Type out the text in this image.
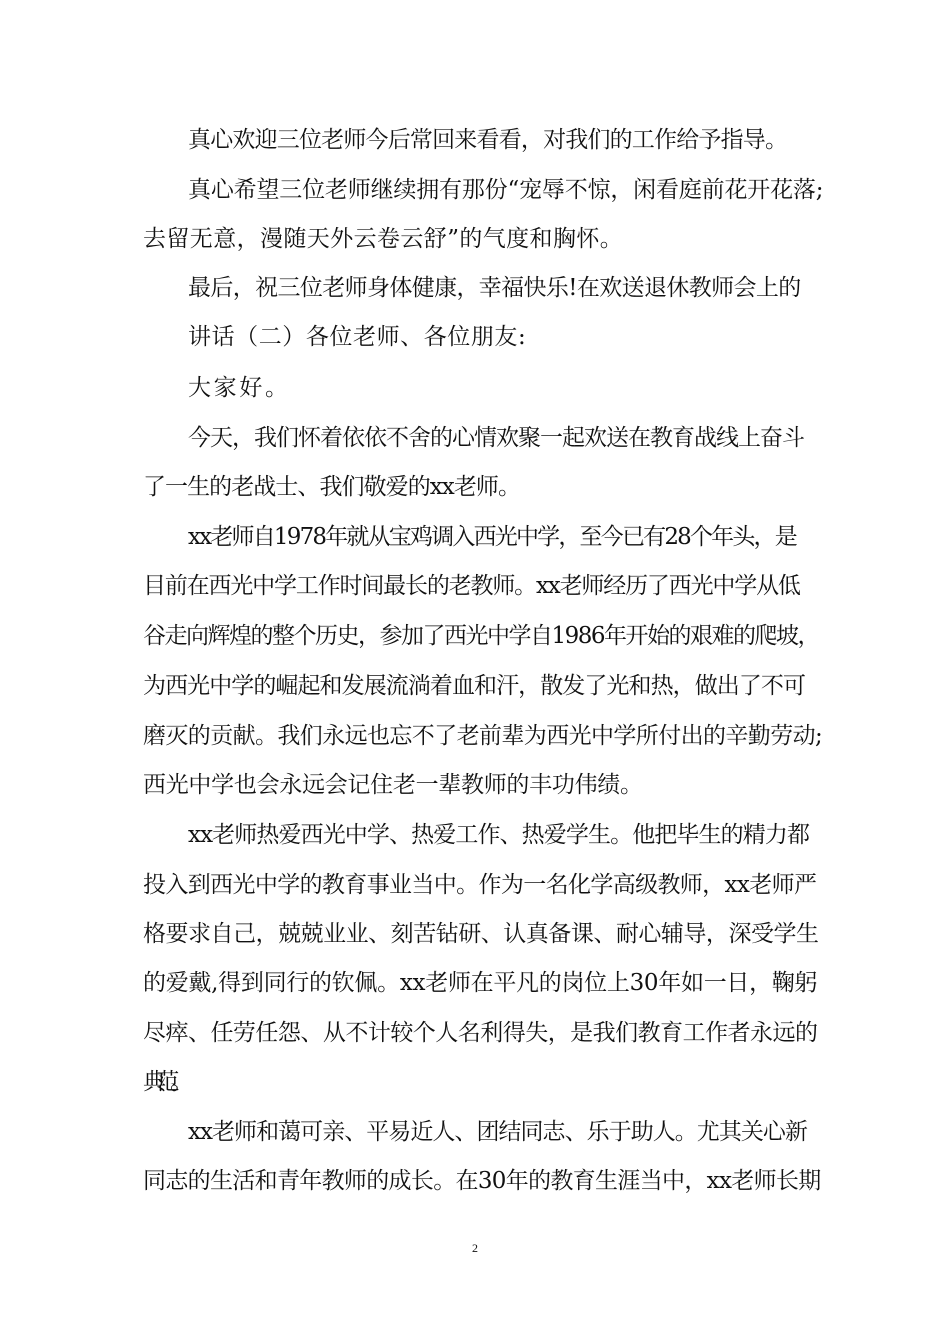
真心欢迎三位老师今后常回来看看，对我们的工作给予指导。
真心希望三位老师继续拥有那份“宠辱不惊，闲看庭前花开花落;
去留无意，漫随天外云卷云舒”的气度和胸怀。
最后，祝三位老师身体健康，幸福快乐!在欢送退休教师会上的
讲话（二）各位老师、各位朋友:
大家好。
今天，我们怀着依依不舍的心情欢聚一起欢送在教育战线上奋斗
了一生的老战士、我们敬爱的xx老师。
xx老师自1978年就从宝鸡调入西光中学，至今已有28个年头，是
目前在西光中学工作时间最长的老教师。xx老师经历了西光中学从低
谷走向辉煌的整个历史，参加了西光中学自1986年开始的艰难的爬坡，
为西光中学的崛起和发展流淌着血和汗，散发了光和热，做出了不可
磨灭的贡献。我们永远也忘不了老前辈为西光中学所付出的辛勤劳动;
西光中学也会永远会记住老一辈教师的丰功伟绩。
xx老师热爱西光中学、热爱工作、热爱学生。他把毕生的精力都
投入到西光中学的教育事业当中。作为一名化学高级教师，xx老师严
格要求自己，兢兢业业、刻苦钻研、认真备课、耐心辅导，深受学生
的爱戴,得到同行的钦佩。xx老师在平凡的岗位上30年如一日，鞠躬
尽瘁、任劳任怨、从不计较个人名利得失，是我们教育工作者永远的
典范。
xx老师和蔼可亲、平易近人、团结同志、乐于助人。尤其关心新
同志的生活和青年教师的成长。在30年的教育生涯当中，xx老师长期
2
